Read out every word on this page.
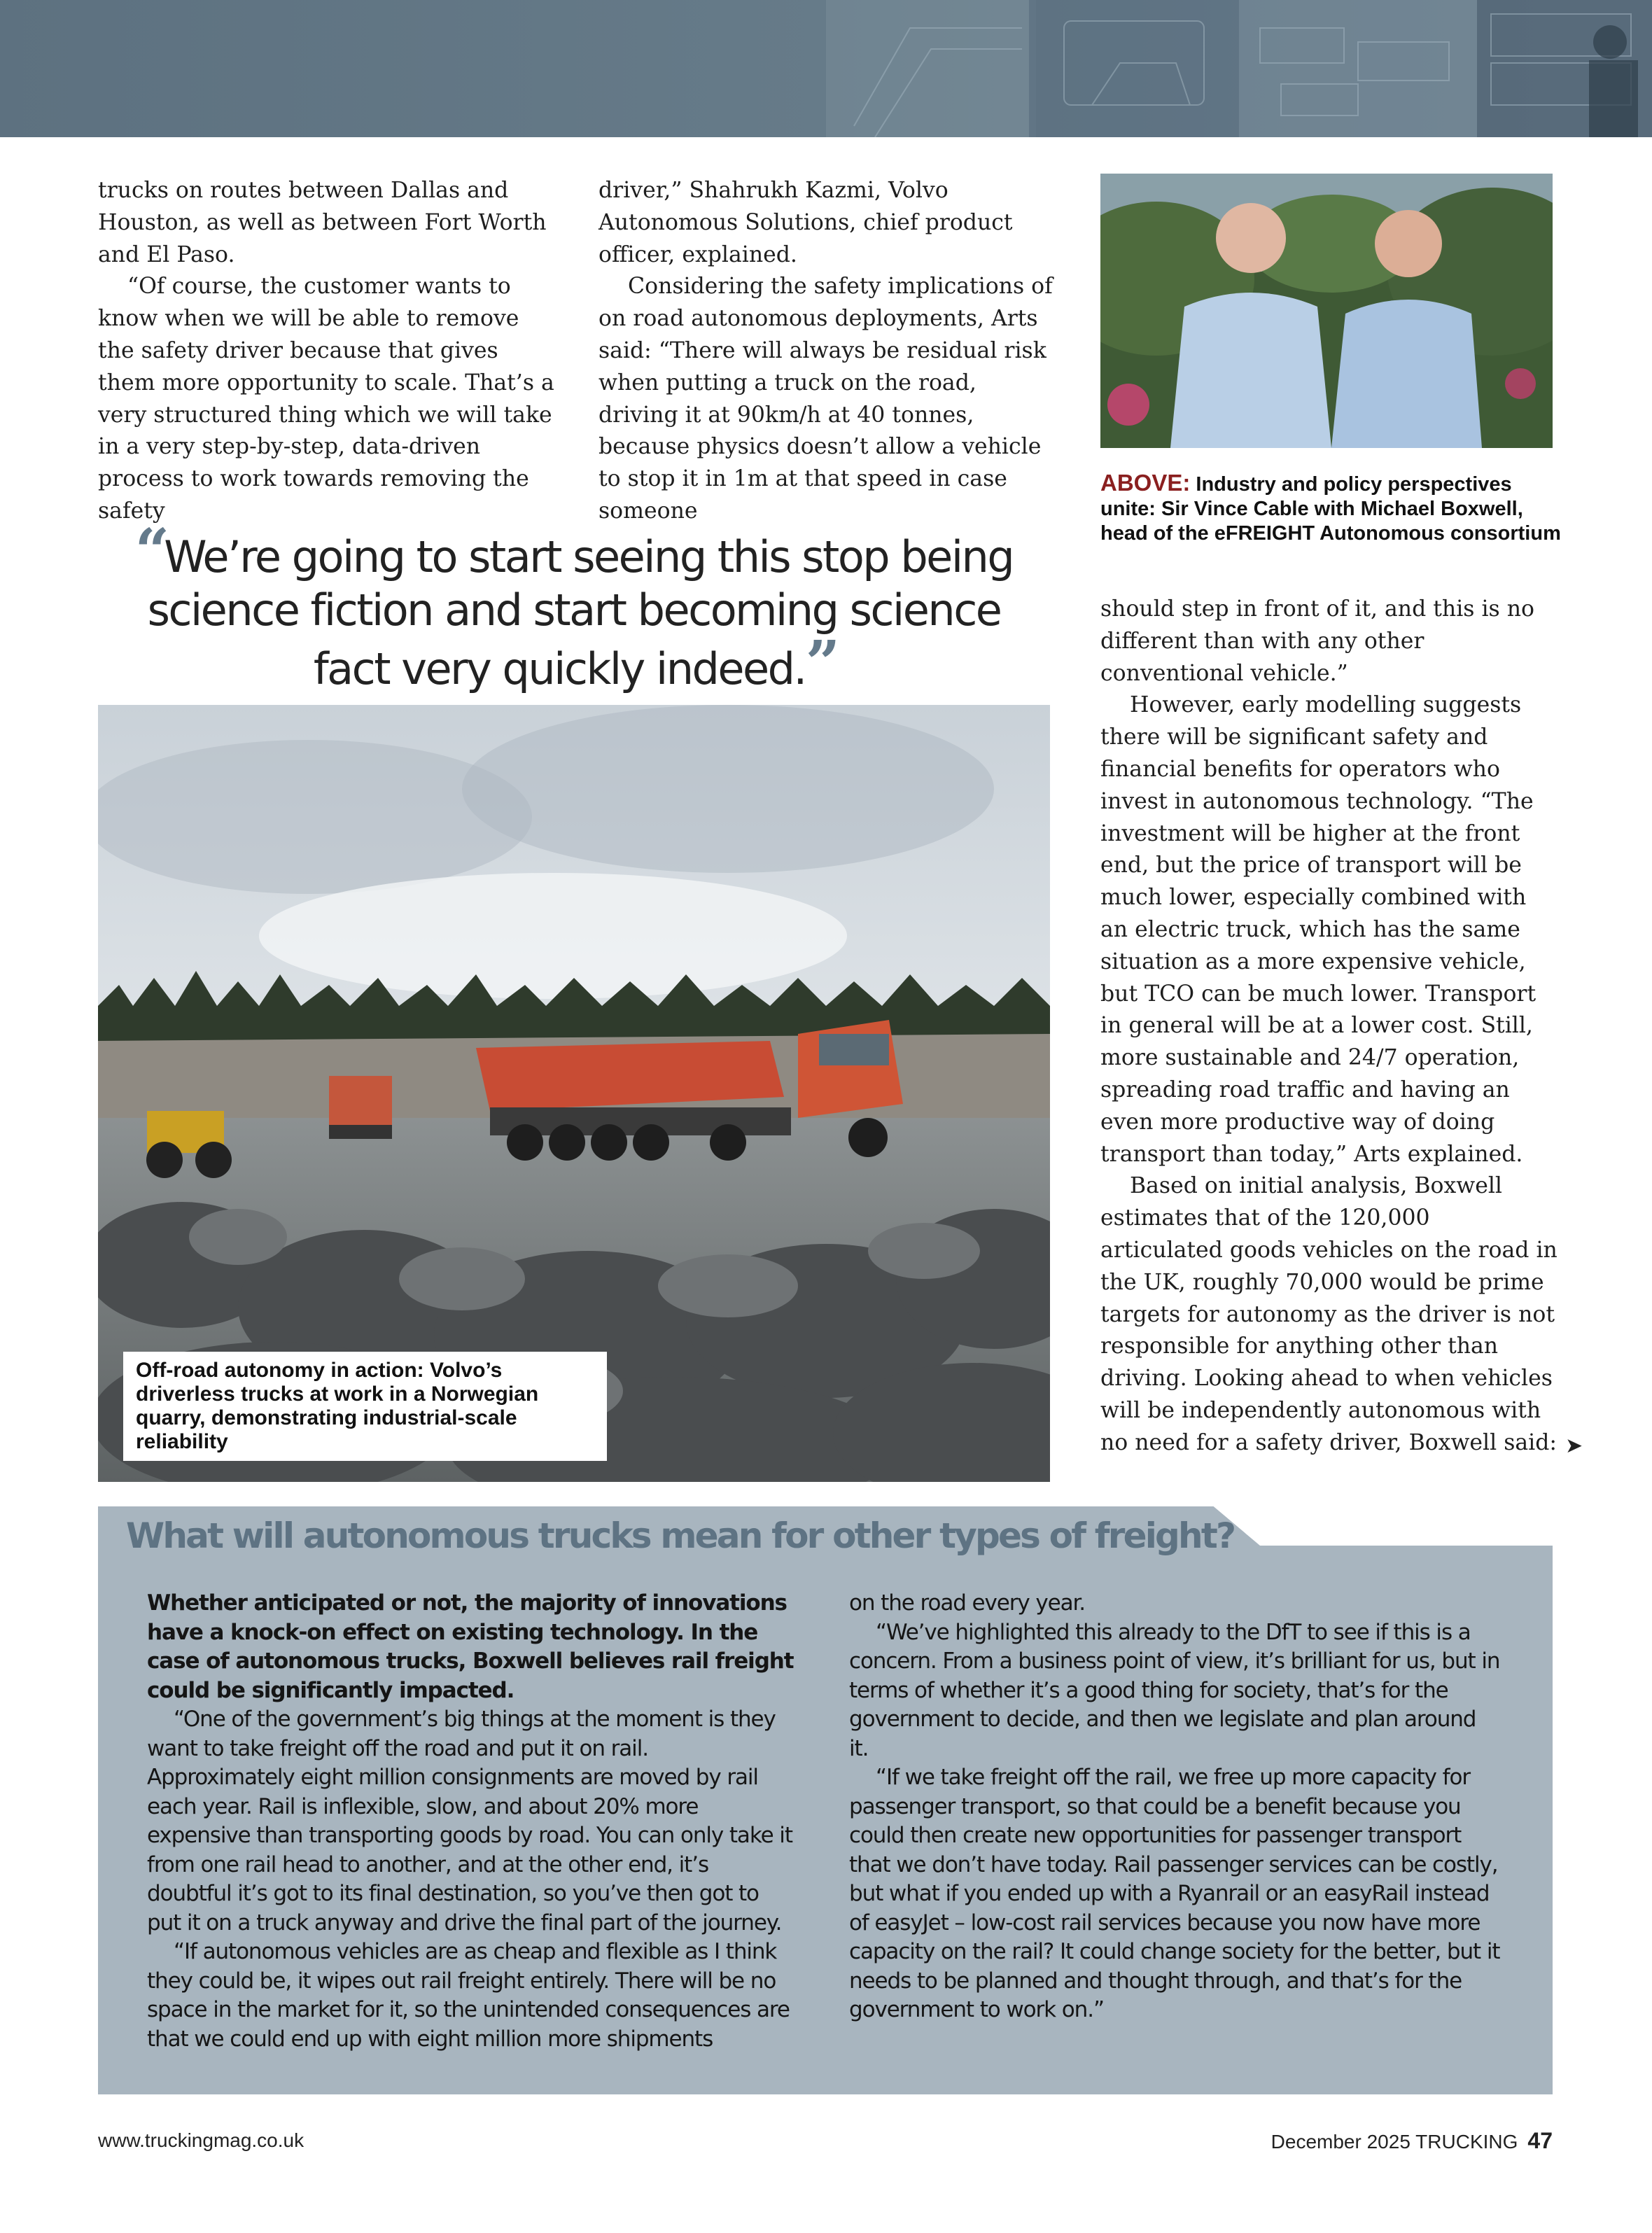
trucks on routes between Dallas and Houston, as well as between Fort Worth and El Paso.

“Of course, the customer wants to know when we will be able to remove the safety driver because that gives them more opportunity to scale. That’s a very structured thing which we will take in a very step-by-step, data-driven process to work towards removing the safety

driver,” Shahrukh Kazmi, Volvo Autonomous Solutions, chief product officer, explained.

Considering the safety implications of on road autonomous deployments, Arts said: “There will always be residual risk when putting a truck on the road, driving it at 90km/h at 40 tonnes, because physics doesn’t allow a vehicle to stop it in 1m at that speed in case someone

ABOVE: Industry and policy perspectives unite: Sir Vince Cable with Michael Boxwell, head of the eFREIGHT Autonomous consortium
“We’re going to start seeing this stop being science fiction and start becoming science fact very quickly indeed.”
Off-road autonomy in action: Volvo’s driverless trucks at work in a Norwegian quarry, demonstrating industrial-scale reliability

should step in front of it, and this is no different than with any other conventional vehicle.”

However, early modelling suggests there will be significant safety and financial benefits for operators who invest in autonomous technology. “The investment will be higher at the front end, but the price of transport will be much lower, especially combined with an electric truck, which has the same situation as a more expensive vehicle, but TCO can be much lower. Transport in general will be at a lower cost. Still, more sustainable and 24/7 operation, spreading road traffic and having an even more productive way of doing transport than today,” Arts explained.

Based on initial analysis, Boxwell estimates that of the 120,000 articulated goods vehicles on the road in the UK, roughly 70,000 would be prime targets for autonomy as the driver is not responsible for anything other than driving. Looking ahead to when vehicles will be independently autonomous with no need for a safety driver, Boxwell said: ➤
What will autonomous trucks mean for other types of freight?

Whether anticipated or not, the majority of innovations have a knock-on effect on existing technology. In the case of autonomous trucks, Boxwell believes rail freight could be significantly impacted.

“One of the government’s big things at the moment is they want to take freight off the road and put it on rail. Approximately eight million consignments are moved by rail each year. Rail is inflexible, slow, and about 20% more expensive than transporting goods by road. You can only take it from one rail head to another, and at the other end, it’s doubtful it’s got to its final destination, so you’ve then got to put it on a truck anyway and drive the final part of the journey.

“If autonomous vehicles are as cheap and flexible as I think they could be, it wipes out rail freight entirely. There will be no space in the market for it, so the unintended consequences are that we could end up with eight million more shipments

on the road every year.

“We’ve highlighted this already to the DfT to see if this is a concern. From a business point of view, it’s brilliant for us, but in terms of whether it’s a good thing for society, that’s for the government to decide, and then we legislate and plan around it.

“If we take freight off the rail, we free up more capacity for passenger transport, so that could be a benefit because you could then create new opportunities for passenger transport that we don’t have today. Rail passenger services can be costly, but what if you ended up with a Ryanrail or an easyRail instead of easyJet – low-cost rail services because you now have more capacity on the rail? It could change society for the better, but it needs to be planned and thought through, and that’s for the government to work on.”

www.truckingmag.co.uk	December 2025 TRUCKING 47
